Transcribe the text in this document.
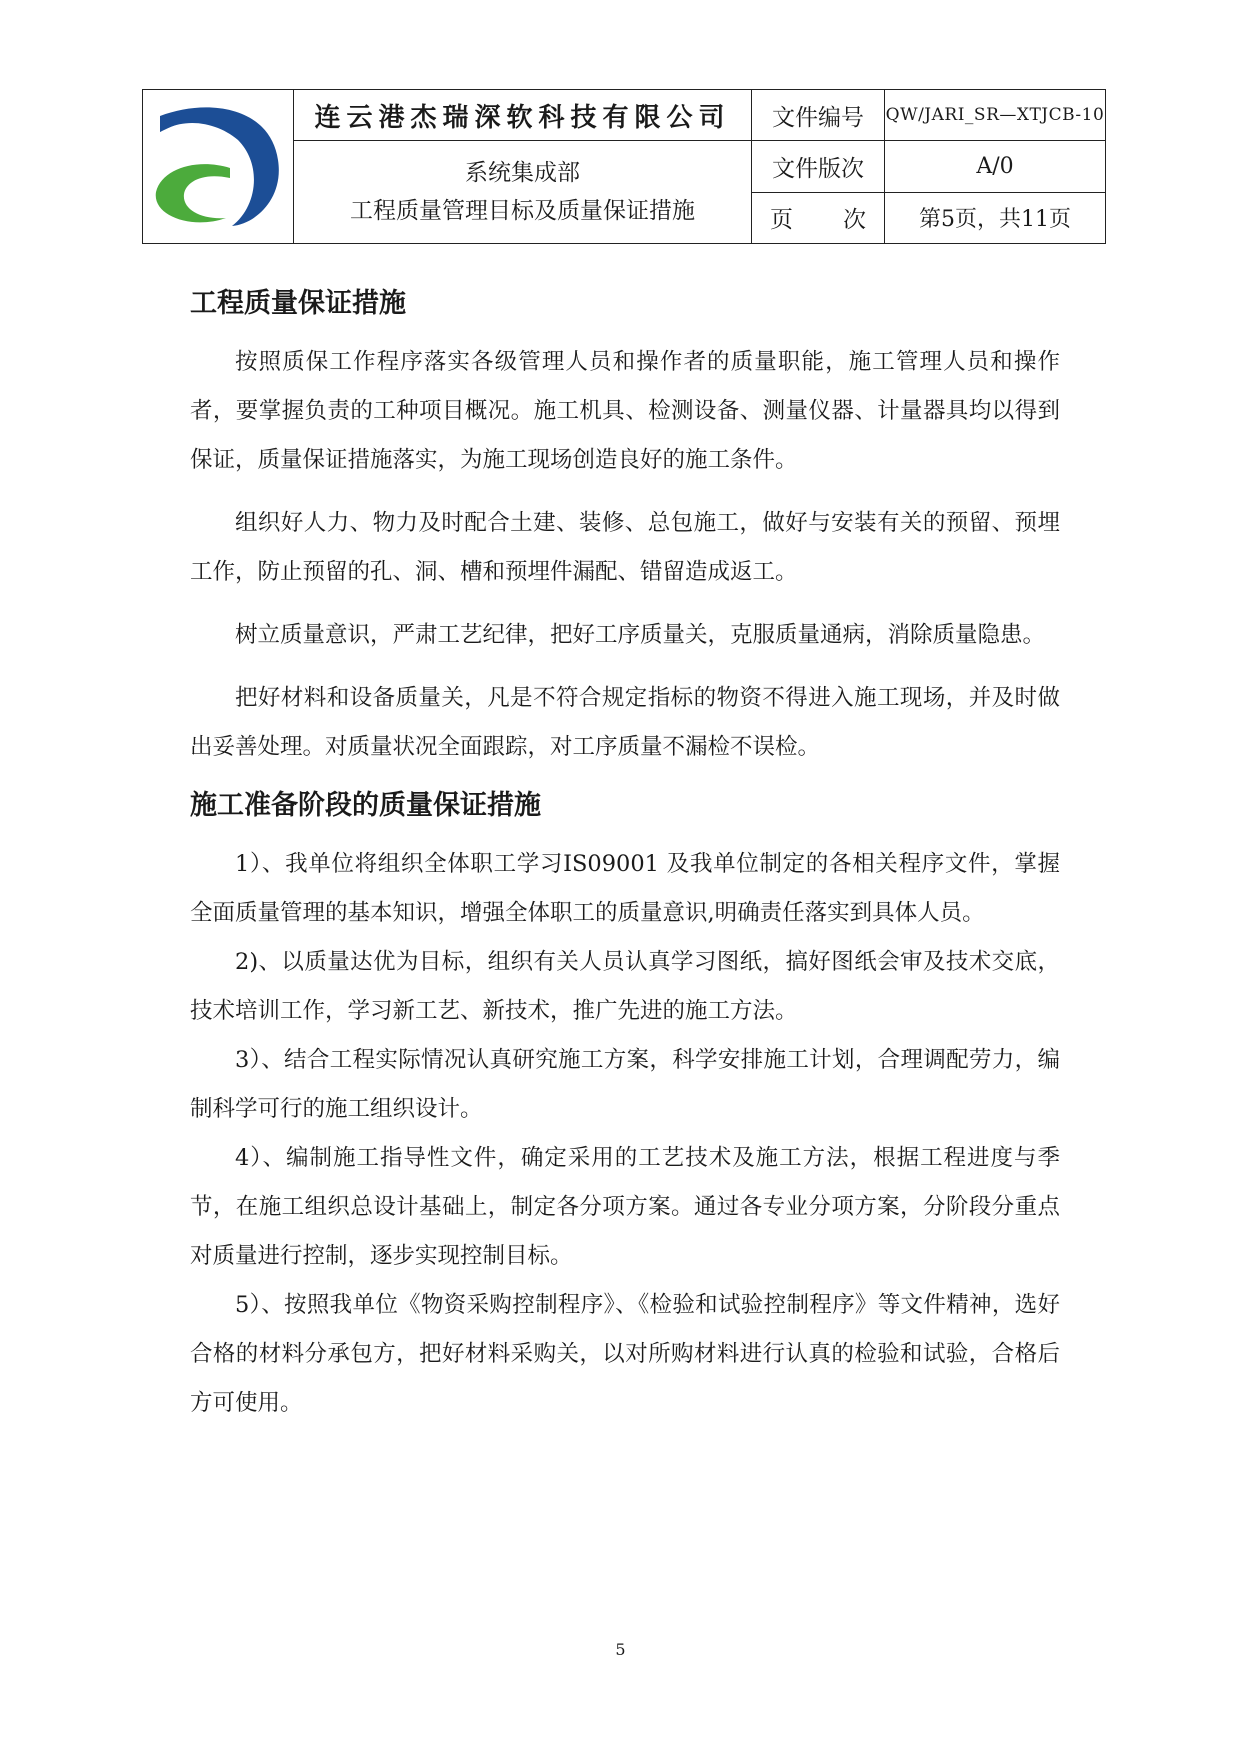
	连云港杰瑞深软科技有限公司	文件编号	QW/JARI_SR—XTJCB-10

	系统集成部
工程质量管理目标及质量保证措施	文件版次	A/0

		页 次	第5页，共11页
工程质量保证措施

按照质保工作程序落实各级管理人员和操作者的质量职能，施工管理人员和操作者，要掌握负责的工种项目概况。施工机具、检测设备、测量仪器、计量器具均以得到保证，质量保证措施落实，为施工现场创造良好的施工条件。

组织好人力、物力及时配合土建、装修、总包施工，做好与安装有关的预留、预埋工作，防止预留的孔、洞、槽和预埋件漏配、错留造成返工。

树立质量意识，严肃工艺纪律，把好工序质量关，克服质量通病，消除质量隐患。

把好材料和设备质量关，凡是不符合规定指标的物资不得进入施工现场，并及时做出妥善处理。对质量状况全面跟踪，对工序质量不漏检不误检。

施工准备阶段的质量保证措施

1）、我单位将组织全体职工学习IS09001 及我单位制定的各相关程序文件，掌握全面质量管理的基本知识，增强全体职工的质量意识,明确责任落实到具体人员。

2)、以质量达优为目标，组织有关人员认真学习图纸，搞好图纸会审及技术交底，技术培训工作，学习新工艺、新技术，推广先进的施工方法。

3）、结合工程实际情况认真研究施工方案，科学安排施工计划，合理调配劳力，编制科学可行的施工组织设计。

4）、编制施工指导性文件，确定采用的工艺技术及施工方法，根据工程进度与季节，在施工组织总设计基础上，制定各分项方案。通过各专业分项方案，分阶段分重点对质量进行控制，逐步实现控制目标。

5）、按照我单位《物资采购控制程序》、《检验和试验控制程序》等文件精神，选好合格的材料分承包方，把好材料采购关，以对所购材料进行认真的检验和试验，合格后方可使用。

5
